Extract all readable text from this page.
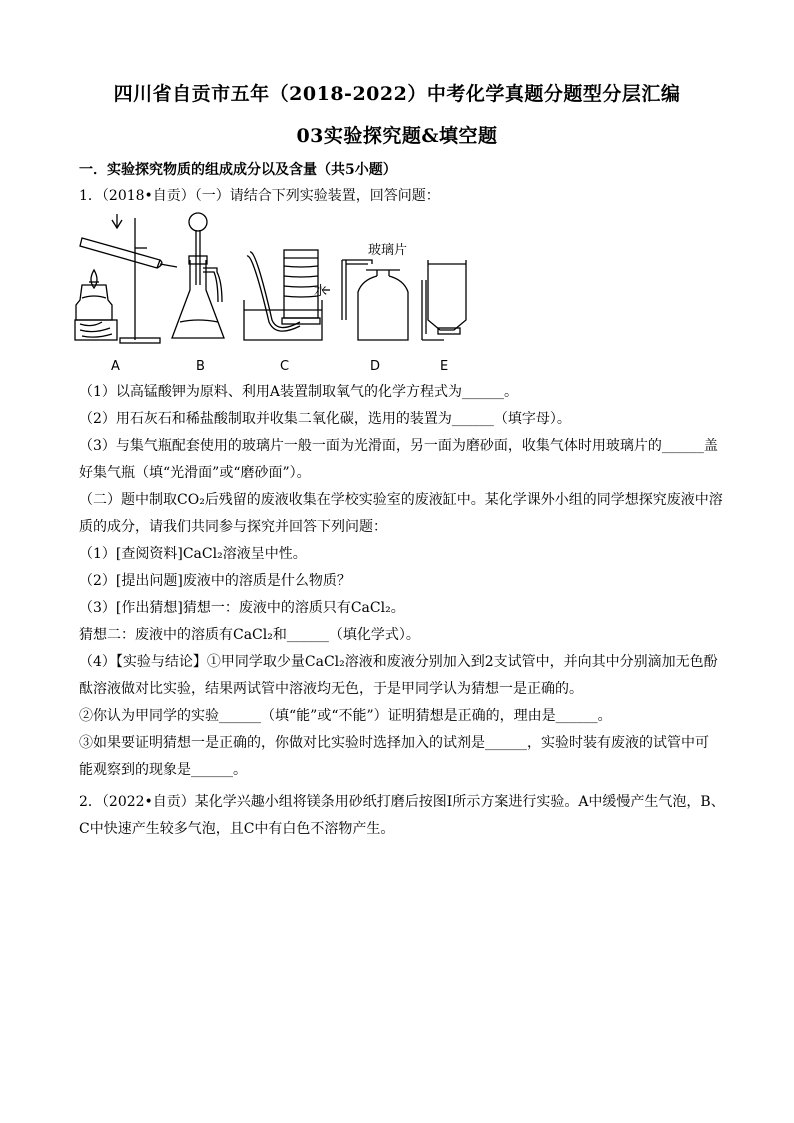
四川省自贡市五年（2018-2022）中考化学真题分题型分层汇编
03实验探究题&填空题
一．实验探究物质的组成成分以及含量（共5小题）
1．（2018•自贡）（一）请结合下列实验装置，回答问题：
水
玻璃片
A	B	C	D	E
（1）以高锰酸钾为原料、利用A装置制取氧气的化学方程式为______。
（2）用石灰石和稀盐酸制取并收集二氧化碳，选用的装置为______（填字母）。
（3）与集气瓶配套使用的玻璃片一般一面为光滑面，另一面为磨砂面，收集气体时用玻璃片的______盖
好集气瓶（填“光滑面”或“磨砂面”）。
（二）题中制取CO₂后残留的废液收集在学校实验室的废液缸中。某化学课外小组的同学想探究废液中溶
质的成分，请我们共同参与探究并回答下列问题：
（1）[查阅资料]CaCl₂溶液呈中性。
（2）[提出问题]废液中的溶质是什么物质？
（3）[作出猜想]猜想一：废液中的溶质只有CaCl₂。
猜想二：废液中的溶质有CaCl₂和______（填化学式）。
（4）【实验与结论】①甲同学取少量CaCl₂溶液和废液分别加入到2支试管中，并向其中分别滴加无色酚
酞溶液做对比实验，结果两试管中溶液均无色，于是甲同学认为猜想一是正确的。
②你认为甲同学的实验______（填“能”或“不能”）证明猜想是正确的，理由是______。
③如果要证明猜想一是正确的，你做对比实验时选择加入的试剂是______，实验时装有废液的试管中可
能观察到的现象是______。
2．（2022•自贡）某化学兴趣小组将镁条用砂纸打磨后按图Ⅰ所示方案进行实验。A中缓慢产生气泡，B、
C中快速产生较多气泡，且C中有白色不溶物产生。
